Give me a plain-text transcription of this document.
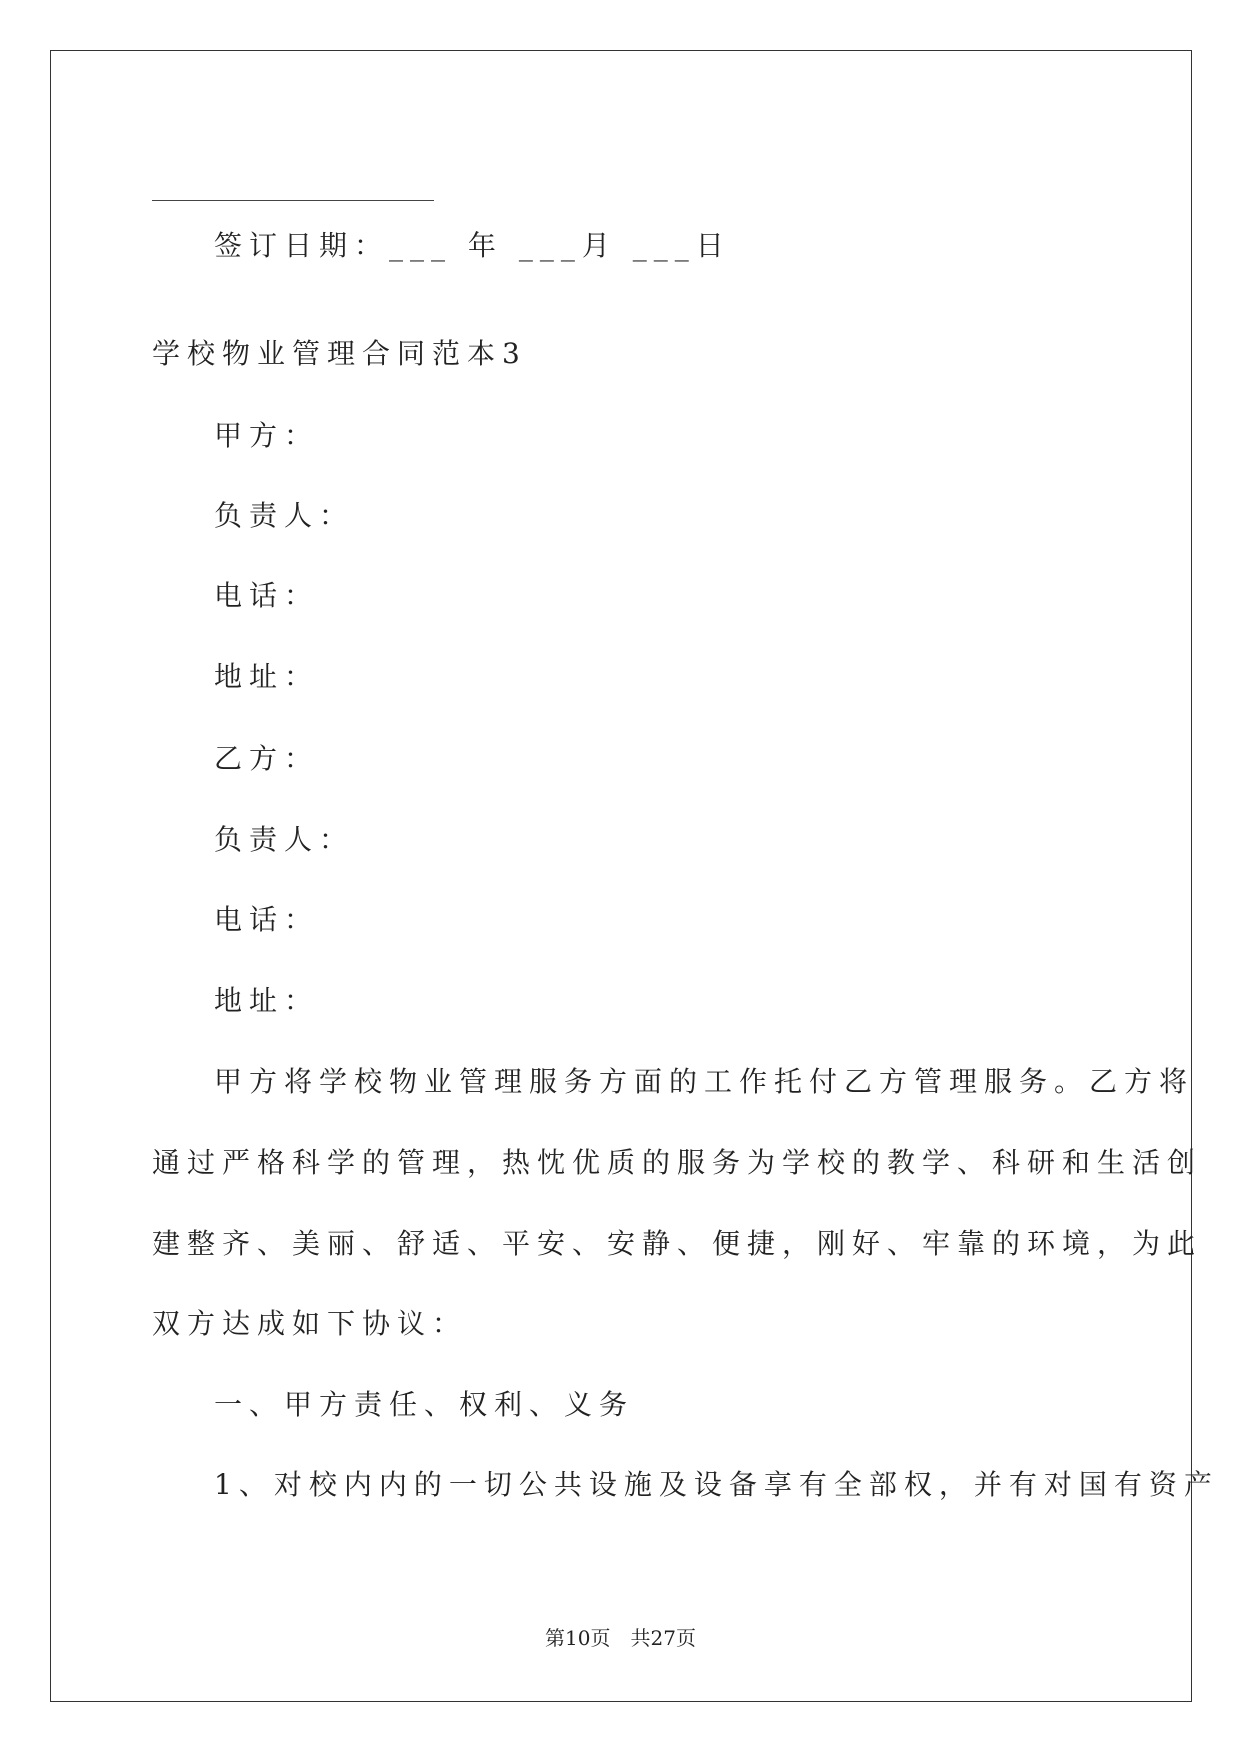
签订日期：___ 年 ___月 ___日
学校物业管理合同范本3
甲方：
负责人：
电话：
地址：
乙方：
负责人：
电话：
地址：
甲方将学校物业管理服务方面的工作托付乙方管理服务。乙方将
通过严格科学的管理，热忱优质的服务为学校的教学、科研和生活创
建整齐、美丽、舒适、平安、安静、便捷，刚好、牢靠的环境，为此
双方达成如下协议：
一、甲方责任、权利、义务
1、对校内内的一切公共设施及设备享有全部权，并有对国有资产
第10页 共27页
